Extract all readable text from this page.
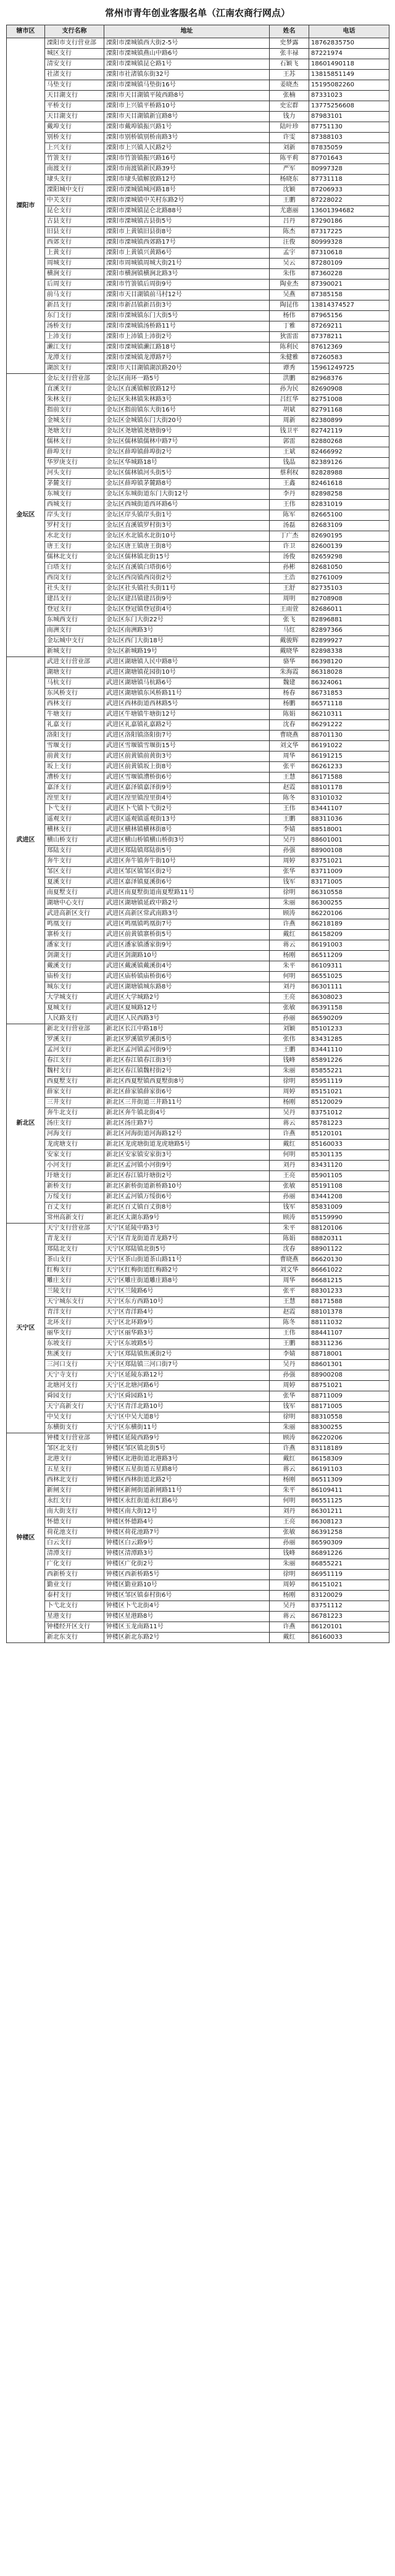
常州市青年创业客服名单（江南农商行网点）
辖市区	支行名称	地址	姓名	电话
溧阳市	溧阳市支行营业部	溧阳市溧城镇西大街2-5号	史梦露	18762835750
	城区支行	溧阳市溧城镇燕山中路6号	张丰禄	87221974
	清安支行	溧阳市溧城镇昆仑路1号	石颖飞	18601490118
	社渚支行	溧阳市社渚镇东街32号	王苏	13815851149
	马垫支行	溧阳市溧城镇马垫街16号	姜晓杰	15195082260
	天目湖支行	溧阳市天目湖镇平陵西路8号	张楠	87331023
	平桥支行	溧阳市上兴镇平桥路10号	史宏群	13775256608
	天目湖支行	溧阳市天目湖镇新宜路8号	钱力	87983101
	戴埠支行	溧阳市戴埠镇振兴路1号	陆叶珍	87751130
	别桥支行	溧阳市别桥镇别桥南路3号	许雯	87388103
	上兴支行	溧阳市上兴镇人民路2号	刘新	87835059
	竹箦支行	溧阳市竹箦镇振兴路16号	陈平莉	87701643
	南渡支行	溧阳市南渡镇新民路39号	严军	80997328
	埭头支行	溧阳市埭头镇解放路12号	杨晓东	87731118
	溧阳城中支行	溧阳市溧城镇城河路18号	沈颖	87206933
	中关支行	溧阳市溧城镇中关村东路2号	王鹏	87228022
	昆仑支行	溧阳市溧城镇昆仑北路88号	尤惠丽	13601394682
	古县支行	溧阳市溧城镇古县街5号	吕丹	87290186
	旧县支行	溧阳市上黄镇旧县街8号	陈杰	87317225
	西郊支行	溧阳市溧城镇西郊路17号	汪俊	80999328
	上黄支行	溧阳市上黄镇兴黄路6号	孟宇	87310618
	周城支行	溧阳市周城镇周城大街21号	吴云	87280109
	横涧支行	溧阳市横涧镇横涧北路3号	朱伟	87360228
	后周支行	溧阳市竹箦镇后周街9号	陶业杰	87390021
	前马支行	溧阳市天目湖镇前马村12号	吴燕	87385158
	新昌支行	溧阳市新昌镇新昌街3号	陶昆伟	13814374527
	东门支行	溧阳市溧城镇东门大街5号	杨伟	87965156
	汤桥支行	溧阳市溧城镇汤桥路11号	丁雅	87269211
	上沛支行	溧阳市上沛镇上沛街2号	狄雷雷	87378211
	濑江支行	溧阳市溧城镇濑江路18号	陈利民	87612369
	龙潭支行	溧阳市溧城镇龙潭路7号	朱健雅	87260583
	湖滨支行	溧阳市天目湖镇湖滨路20号	谭秀	15961249725
金坛区	金坛支行营业部	金坛区南环一路5号	洪鹏	82968376
	直溪支行	金坛区直溪镇解放路12号	孙为民	82690908
	朱林支行	金坛区朱林镇朱林路3号	吕红华	82751008
	指前支行	金坛区指前镇东大街16号	胡斌	82791168
	金城支行	金坛区金城镇东门大街20号	周新	82380899
	尧塘支行	金坛区尧塘镇尧塘街9号	钱卫平	82742119
	儒林支行	金坛区儒林镇儒林中路7号	郭雷	82880268
	薛埠支行	金坛区薛埠镇薛埠街2号	王斌	82466992
	华罗庚支行	金坛区华城路18号	钱晶	82389126
	河头支行	金坛区儒林镇河头街5号	蔡利权	82828988
	茅麓支行	金坛区薛埠镇茅麓路8号	王鑫	82461618
	东城支行	金坛区东城街道东门大街12号	李丹	82898258
	西城支行	金坛区西城街道西环路6号	王伟	82831019
	岸头支行	金坛区岸头镇岸头街1号	陈军	82665100
	罗村支行	金坛区直溪镇罗村街3号	汤磊	82683109
	水北支行	金坛区水北镇水北街10号	丁广杰	82690195
	唐王支行	金坛区唐王镇唐王街8号	许卫	82600139
	儒林北支行	金坛区儒林镇北街15号	汤俊	82659298
	白塔支行	金坛区直溪镇白塔街6号	孙彬	82681050
	西岗支行	金坛区西岗镇西岗街2号	王浩	82761009
	社头支行	金坛区社头镇社头街11号	王舒	82735103
	建昌支行	金坛区建昌镇建昌街9号	周明	82708908
	登冠支行	金坛区登冠镇登冠街4号	王雨萱	82686011
	东城西支行	金坛区东门大街22号	张飞	82896881
	南洲支行	金坛区南洲路3号	马红	82897366
	金坛城中支行	金坛区西门大街18号	戴骏辉	82899927
	新城支行	金坛区新城路19号	戴晓华	82898338
武进区	武进支行营业部	武进区湖塘镇人民中路8号	骆华	86398120
	湖塘支行	武进区湖塘镇花园街10号	朱海霞	86318028
	马杭支行	武进区湖塘镇马杭路6号	魏建	86324061
	东风桥支行	武进区湖塘镇东风桥路11号	杨春	86731853
	西林支行	武进区西林街道西林路5号	杨鹏	86571118
	牛塘支行	武进区牛塘镇牛塘街12号	陈娟	86210311
	礼嘉支行	武进区礼嘉镇礼嘉路2号	沈春	86291222
	洛阳支行	武进区洛阳镇洛阳街7号	曹晓燕	88701130
	雪堰支行	武进区雪堰镇雪堰街15号	刘文华	86191022
	前黄支行	武进区前黄镇前黄街3号	周华	86191215
	坂上支行	武进区前黄镇坂上街8号	张平	86261233
	漕桥支行	武进区雪堰镇漕桥街6号	王慧	86171588
	嘉泽支行	武进区嘉泽镇嘉泽街9号	赵霞	88101178
	湟里支行	武进区湟里镇湟里街4号	陈冬	83101032
	卜弋支行	武进区卜弋镇卜弋街2号	王伟	83441107
	遥观支行	武进区遥观镇遥观街13号	王鹏	88311036
	横林支行	武进区横林镇横林街8号	李婧	88518001
	横山桥支行	武进区横山桥镇横山桥街3号	吴丹	88601001
	郑陆支行	武进区郑陆镇郑陆街5号	孙强	88900108
	奔牛支行	武进区奔牛镇奔牛街10号	周婷	83751021
	邹区支行	武进区邹区镇邹区街2号	张华	83711009
	夏溪支行	武进区嘉泽镇夏溪街6号	钱军	83171005
	南夏墅支行	武进区南夏墅街道南夏墅路11号	徐明	86310558
	湖塘中心支行	武进区湖塘镇延政中路2号	朱丽	86300255
	武进高新区支行	武进区高新区常武南路3号	顾涛	86220106
	鸣凰支行	武进区鸣凰镇鸣凰街7号	许燕	86218189
	寨桥支行	武进区前黄镇寨桥街5号	戴红	86158209
	潘家支行	武进区潘家镇潘家街9号	蒋云	86191003
	剑湖支行	武进区剑湖路10号	杨刚	86511209
	戴溪支行	武进区戴溪镇戴溪街4号	朱平	86109311
	庙桥支行	武进区庙桥镇庙桥街6号	何明	86551025
	城东支行	武进区湖塘镇城东路8号	刘丹	86301111
	大学城支行	武进区大学城路2号	王亮	86308023
	夏城支行	武进区夏城路12号	张敏	86391158
	人民路支行	武进区人民西路3号	孙丽	86590209
新北区	新北支行营业部	新北区长江中路18号	刘颖	85101233
	罗溪支行	新北区罗溪镇罗溪街5号	张伟	83431285
	孟河支行	新北区孟河镇孟河街9号	王鹏	83441110
	春江支行	新北区春江镇春江街3号	钱峰	85891226
	魏村支行	新北区春江镇魏村街2号	朱丽	85855221
	西夏墅支行	新北区西夏墅镇西夏墅街8号	徐明	85951119
	薛家支行	新北区薛家镇薛家街6号	周婷	85151021
	三井支行	新北区三井街道三井路11号	杨刚	85120029
	奔牛北支行	新北区奔牛镇北街4号	吴丹	83751012
	汤庄支行	新北区汤庄路7号	蒋云	85781223
	河海支行	新北区河海街道河海路12号	许燕	85120101
	龙虎塘支行	新北区龙虎塘街道龙虎塘路5号	戴红	85160033
	安家支行	新北区安家镇安家街3号	何明	85301135
	小河支行	新北区孟河镇小河街9号	刘丹	83431120
	圩塘支行	新北区春江镇圩塘街2号	王亮	85901105
	新桥支行	新北区新桥街道新桥路10号	张敏	85191108
	万绥支行	新北区孟河镇万绥街6号	孙丽	83441208
	百丈支行	新北区百丈镇百丈街8号	钱军	85831009
	常州高新支行	新北区太湖东路9号	顾涛	85159990
天宁区	天宁支行营业部	天宁区延陵中路3号	朱平	88120106
	青龙支行	天宁区青龙街道青龙路7号	陈娟	88820311
	郑陆北支行	天宁区郑陆镇北街5号	沈春	88901122
	茶山支行	天宁区茶山街道茶山路11号	曹晓燕	86620130
	红梅支行	天宁区红梅街道红梅路2号	刘文华	86661022
	雕庄支行	天宁区雕庄街道雕庄路8号	周华	86681215
	兰陵支行	天宁区兰陵路6号	张平	88301233
	天宁城东支行	天宁区东方西路10号	王慧	88171588
	青洋支行	天宁区青洋路4号	赵霞	88101378
	北环支行	天宁区北环路9号	陈冬	88111032
	丽华支行	天宁区丽华路3号	王伟	88441107
	东坡支行	天宁区东坡路5号	王鹏	88311236
	焦溪支行	天宁区郑陆镇焦溪街2号	李婧	88718001
	三河口支行	天宁区郑陆镇三河口街7号	吴丹	88601301
	天宁寺支行	天宁区延陵东路12号	孙强	88900208
	北塘河支行	天宁区北塘河路6号	周婷	88751021
	舜园支行	天宁区舜园路1号	张华	88711009
	天宁高新支行	天宁区青洋北路10号	钱军	88171005
	中吴支行	天宁区中吴大道8号	徐明	88310558
	东横街支行	天宁区东横街11号	朱丽	88300255
钟楼区	钟楼支行营业部	钟楼区延陵西路9号	顾涛	86220206
	邹区北支行	钟楼区邹区镇北街5号	许燕	83118189
	北港支行	钟楼区北港街道北港路3号	戴红	86158309
	五星支行	钟楼区五星街道五星路8号	蒋云	86191103
	西林北支行	钟楼区西林街道北路2号	杨刚	86511309
	新闸支行	钟楼区新闸街道新闸路11号	朱平	86109411
	永红支行	钟楼区永红街道永红路6号	何明	86551125
	南大街支行	钟楼区南大街12号	刘丹	86301211
	怀德支行	钟楼区怀德路4号	王亮	86308123
	荷花池支行	钟楼区荷花池路7号	张敏	86391258
	白云支行	钟楼区白云路9号	孙丽	86590309
	清潭支行	钟楼区清潭路3号	钱峰	86891226
	广化支行	钟楼区广化街2号	朱丽	86855221
	西新桥支行	钟楼区西新桥路5号	徐明	86951119
	勤业支行	钟楼区勤业路10号	周婷	86151021
	泰村支行	钟楼区邹区镇泰村街6号	杨刚	83120029
	卜弋北支行	钟楼区卜弋北街4号	吴丹	83751112
	星港支行	钟楼区星港路8号	蒋云	86781223
	钟楼经开区支行	钟楼区玉龙南路11号	许燕	86120101
	新北东支行	钟楼区新北东路2号	戴红	86160033
